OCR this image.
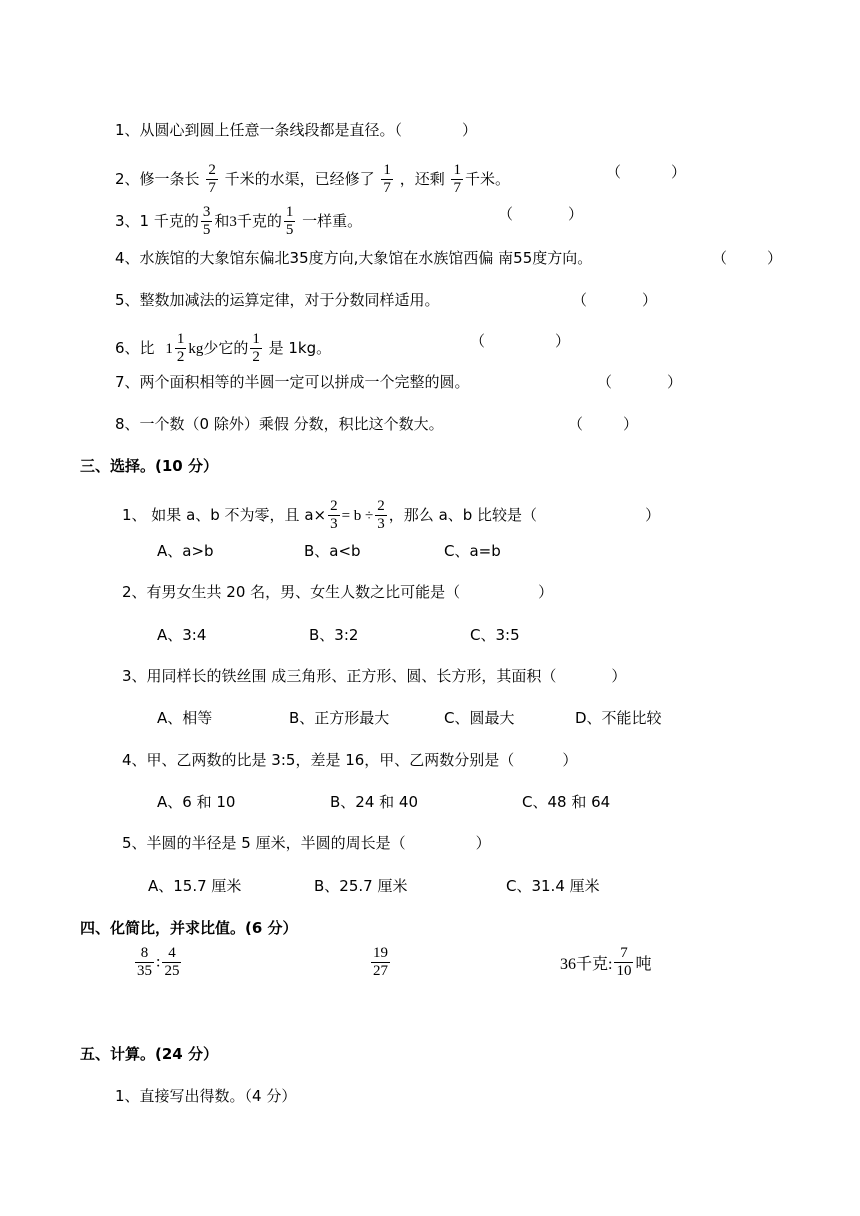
1、从圆心到圆上任意一条线段都是直径。（	）
2、修一条长 $\frac{2}{7}$ 千米的水渠，已经修了 $\frac{1}{7}$ ，还剩 $\frac{1}{7}$ 千米。	（	）
3、1 千克的 $\frac{3}{5}$ 和3千克的 $\frac{1}{5}$ 一样重。	（	）
4、水族馆的大象馆东偏北35度方向,大象馆在水族馆西偏 南55度方向。	（	）
5、整数加减法的运算定律，对于分数同样适用。	（	）
6、比 $1 \frac{1}{2}$ kg少它的 $\frac{1}{2}$ 是 1kg。	（	）
7、两个面积相等的半圆一定可以拼成一个完整的圆。	（	）
8、一个数（0 除外）乘假 分数，积比这个数大。	（	）
三、选择。(10 分）
1、 如果 a、b 不为零，且 $a\times \frac{2}{3} = b \div \frac{2}{3}$ ，那么 a、b 比较是（	）
A、a>b	B、a<b	C、a=b
2、有男女生共 20 名，男、女生人数之比可能是（	）
A、3:4	B、3:2	C、3:5
3、用同样长的铁丝围 成三角形、正方形、圆、长方形，其面积（	）
A、相等	B、正方形最大	C、圆最大	D、不能比较
4、甲、乙两数的比是 3:5，差是 16，甲、乙两数分别是（	）
A、6 和 10	B、24 和 40	C、48 和 64
5、半圆的半径是 5 厘米，半圆的周长是（	）
A、15.7 厘米	B、25.7 厘米	C、31.4 厘米
四、化简比，并求比值。(6 分）
$\frac{8}{35}$ : $\frac{4}{25}$	$\frac{19}{27}$	36千克: $\frac{7}{10}$ 吨
五、计算。(24 分）
1、直接写出得数。（4 分）
